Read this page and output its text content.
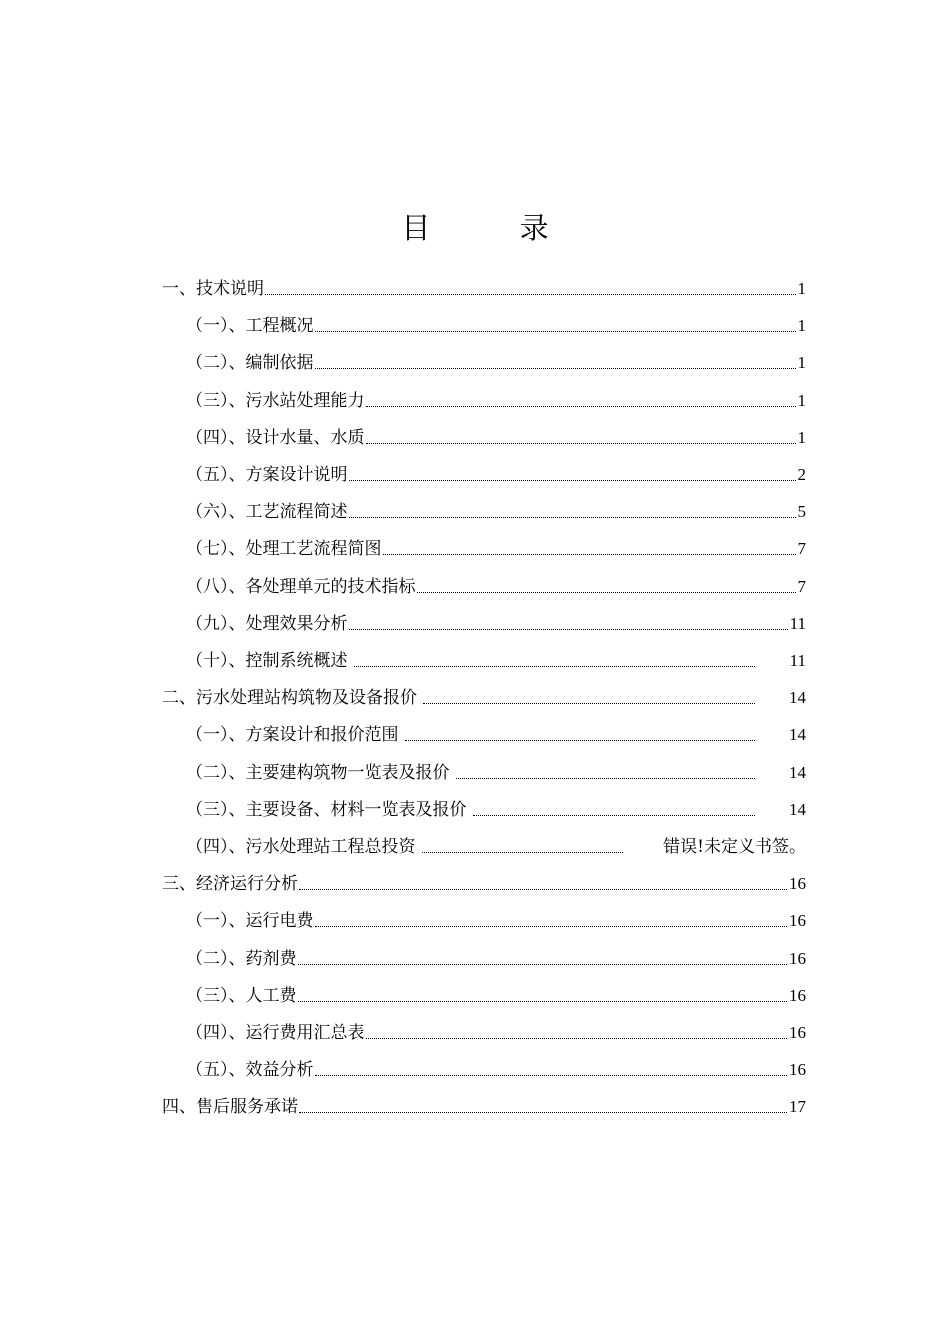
目 录
一、技术说明	1
（一）、工程概况	1
（二）、编制依据	1
（三）、污水站处理能力	1
（四）、设计水量、水质	1
（五）、方案设计说明	2
（六）、工艺流程简述	5
（七）、处理工艺流程简图	7
（八）、各处理单元的技术指标	7
（九）、处理效果分析	11
（十）、控制系统概述	11
二、污水处理站构筑物及设备报价	14
（一）、方案设计和报价范围	14
（二）、主要建构筑物一览表及报价	14
（三）、主要设备、材料一览表及报价	14
（四）、污水处理站工程总投资	错误!未定义书签。
三、经济运行分析	16
（一）、运行电费	16
（二）、药剂费	16
（三）、人工费	16
（四）、运行费用汇总表	16
（五）、效益分析	16
四、售后服务承诺	17
